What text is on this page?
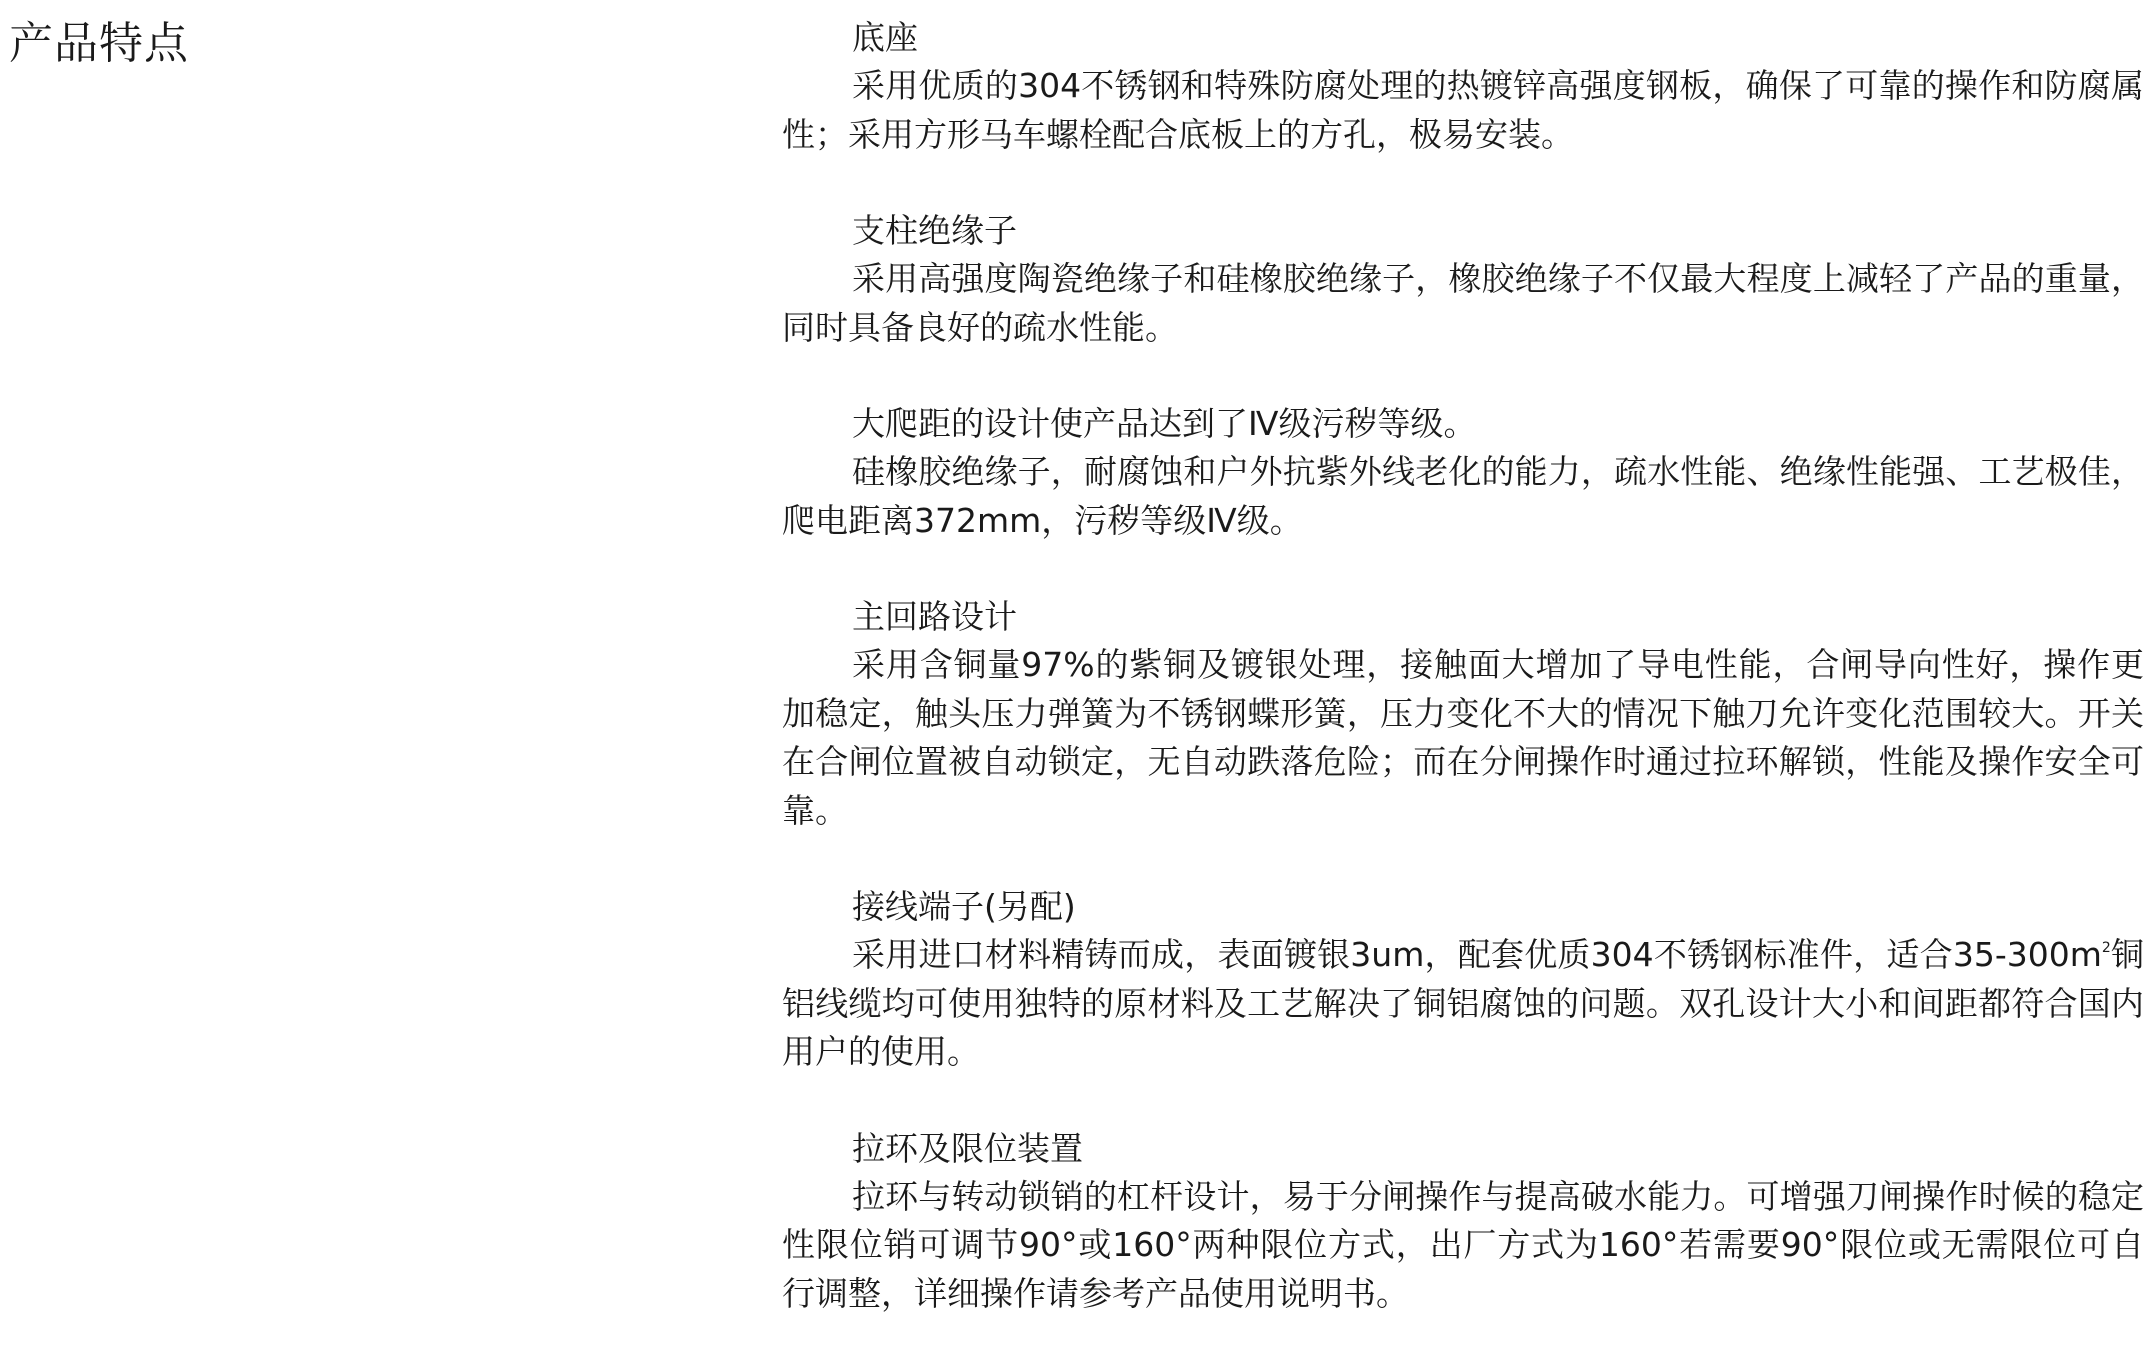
产品特点	底座

采用优质的304不锈钢和特殊防腐处理的热镀锌高强度钢板，确保了可靠的操作和防腐属性；采用方形马车螺栓配合底板上的方孔，极易安装。

支柱绝缘子

采用高强度陶瓷绝缘子和硅橡胶绝缘子，橡胶绝缘子不仅最大程度上减轻了产品的重量，同时具备良好的疏水性能。

大爬距的设计使产品达到了Ⅳ级污秽等级。

硅橡胶绝缘子，耐腐蚀和户外抗紫外线老化的能力，疏水性能、绝缘性能强、工艺极佳，爬电距离372mm，污秽等级Ⅳ级。

主回路设计

采用含铜量97%的紫铜及镀银处理，接触面大增加了导电性能，合闸导向性好，操作更加稳定，触头压力弹簧为不锈钢蝶形簧，压力变化不大的情况下触刀允许变化范围较大。开关在合闸位置被自动锁定，无自动跌落危险；而在分闸操作时通过拉环解锁，性能及操作安全可靠。

接线端子(另配)

采用进口材料精铸而成，表面镀银3um，配套优质304不锈钢标准件，适合$35-300m^2$铜铝线缆均可使用独特的原材料及工艺解决了铜铝腐蚀的问题。双孔设计大小和间距都符合国内用户的使用。

拉环及限位装置

拉环与转动锁销的杠杆设计，易于分闸操作与提高破水能力。可增强刀闸操作时候的稳定性限位销可调节90°或160°两种限位方式，出厂方式为160°若需要90°限位或无需限位可自行调整，详细操作请参考产品使用说明书。
